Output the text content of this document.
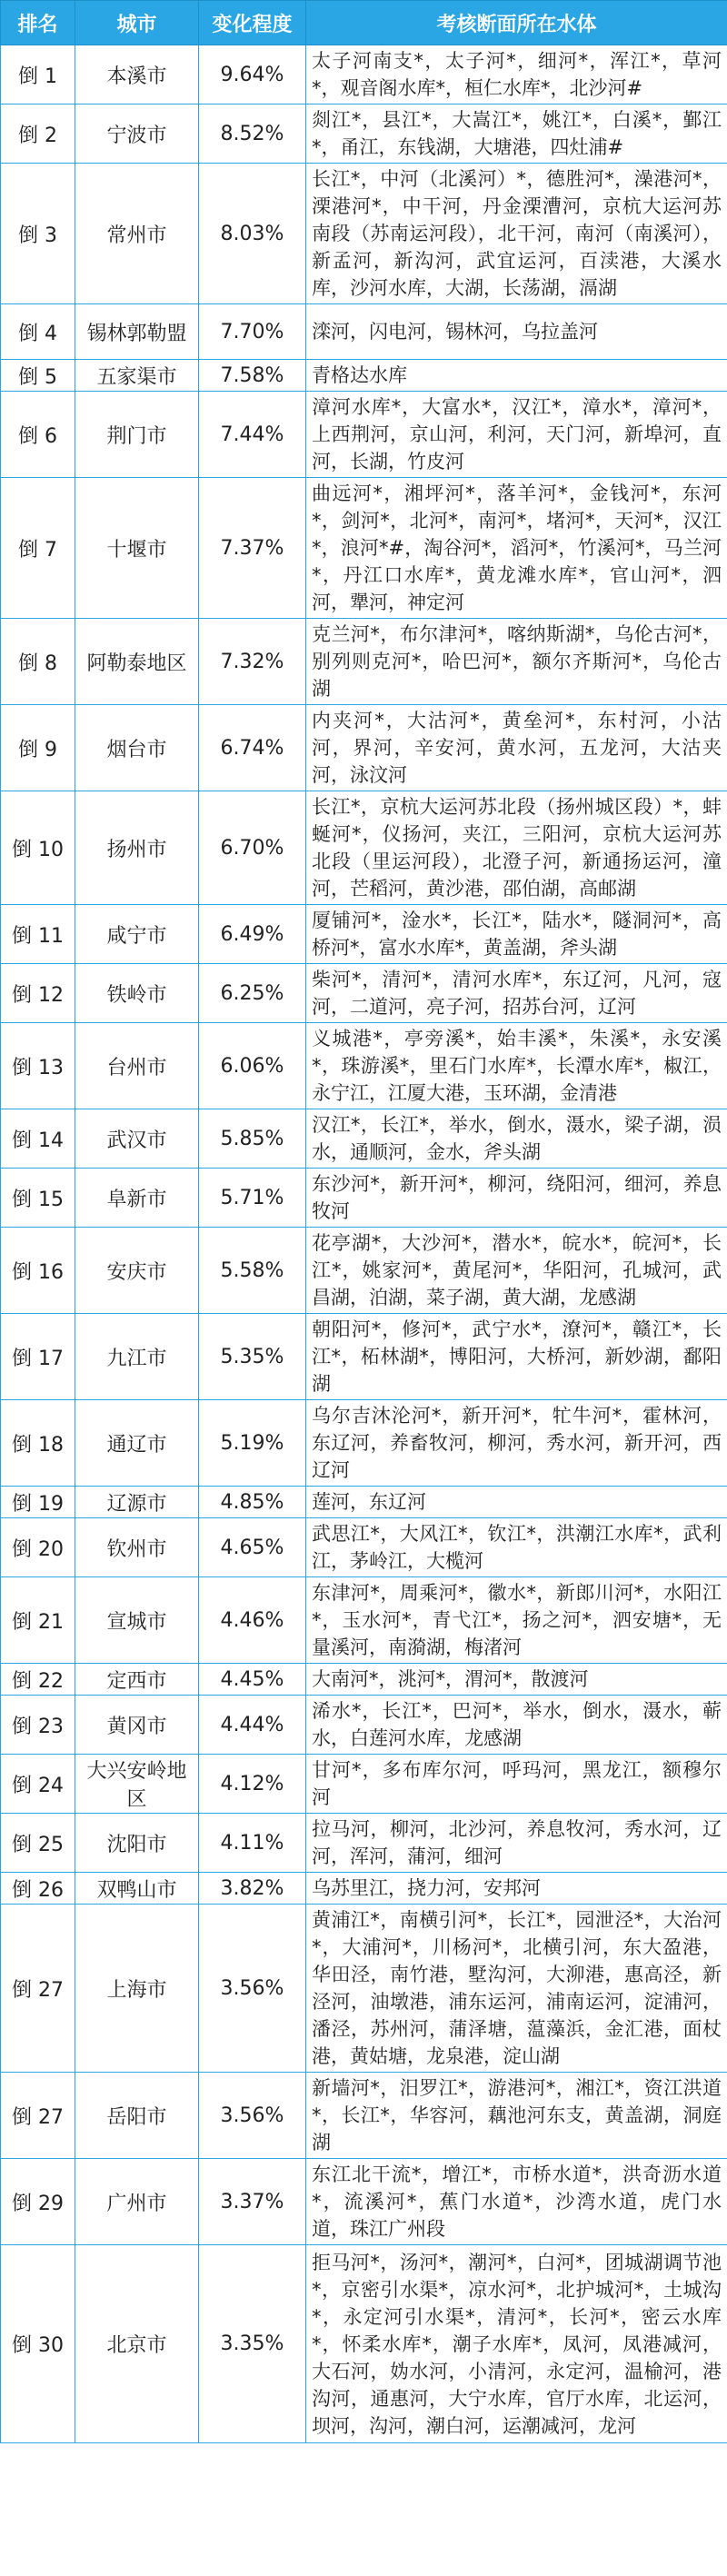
排名	城市	变化程度	考核断面所在水体
倒 1	本溪市	9.64%	太子河南支*，太子河*，细河*，浑江*，草河*，观音阁水库*，桓仁水库*，北沙河#
倒 2	宁波市	8.52%	剡江*，县江*，大嵩江*，姚江*，白溪*，鄞江*，甬江，东钱湖，大塘港，四灶浦#
倒 3	常州市	8.03%	长江*，中河（北溪河）*，德胜河*，澡港河*，溧港河*，中干河，丹金溧漕河，京杭大运河苏南段（苏南运河段），北干河，南河（南溪河），新孟河，新沟河，武宜运河，百渎港，大溪水库，沙河水库，大湖，长荡湖，滆湖
倒 4	锡林郭勒盟	7.70%	滦河，闪电河，锡林河，乌拉盖河
倒 5	五家渠市	7.58%	青格达水库
倒 6	荆门市	7.44%	漳河水库*，大富水*，汉江*，漳水*，漳河*，上西荆河，京山河，利河，天门河，新埠河，直河，长湖，竹皮河
倒 7	十堰市	7.37%	曲远河*，湘坪河*，落羊河*，金钱河*，东河*，剑河*，北河*，南河*，堵河*，天河*，汉江*，浪河*#，淘谷河*，滔河*，竹溪河*，马兰河*，丹江口水库*，黄龙滩水库*，官山河*，泗河，犟河，神定河
倒 8	阿勒泰地区	7.32%	克兰河*，布尔津河*，喀纳斯湖*，乌伦古河*，别列则克河*，哈巴河*，额尔齐斯河*，乌伦古湖
倒 9	烟台市	6.74%	内夹河*，大沽河*，黄垒河*，东村河，小沽河，界河，辛安河，黄水河，五龙河，大沽夹河，泳汶河
倒 10	扬州市	6.70%	长江*，京杭大运河苏北段（扬州城区段）*，蚌蜒河*，仪扬河，夹江，三阳河，京杭大运河苏北段（里运河段），北澄子河，新通扬运河，潼河，芒稻河，黄沙港，邵伯湖，高邮湖
倒 11	咸宁市	6.49%	厦铺河*，淦水*，长江*，陆水*，隧洞河*，高桥河*，富水水库*，黄盖湖，斧头湖
倒 12	铁岭市	6.25%	柴河*，清河*，清河水库*，东辽河，凡河，寇河，二道河，亮子河，招苏台河，辽河
倒 13	台州市	6.06%	义城港*，亭旁溪*，始丰溪*，朱溪*，永安溪*，珠游溪*，里石门水库*，长潭水库*，椒江，永宁江，江厦大港，玉环湖，金清港
倒 14	武汉市	5.85%	汉江*，长江*，举水，倒水，滠水，梁子湖，涢水，通顺河，金水，斧头湖
倒 15	阜新市	5.71%	东沙河*，新开河*，柳河，绕阳河，细河，养息牧河
倒 16	安庆市	5.58%	花亭湖*，大沙河*，潜水*，皖水*，皖河*，长江*，姚家河*，黄尾河*，华阳河，孔城河，武昌湖，泊湖，菜子湖，黄大湖，龙感湖
倒 17	九江市	5.35%	朝阳河*，修河*，武宁水*，潦河*，赣江*，长江*，柘林湖*，博阳河，大桥河，新妙湖，鄱阳湖
倒 18	通辽市	5.19%	乌尔吉沐沦河*，新开河*，牤牛河*，霍林河，东辽河，养畜牧河，柳河，秀水河，新开河，西辽河
倒 19	辽源市	4.85%	莲河，东辽河
倒 20	钦州市	4.65%	武思江*，大风江*，钦江*，洪潮江水库*，武利江，茅岭江，大榄河
倒 21	宣城市	4.46%	东津河*，周乘河*，徽水*，新郎川河*，水阳江*，玉水河*，青弋江*，扬之河*，泗安塘*，无量溪河，南漪湖，梅渚河
倒 22	定西市	4.45%	大南河*，洮河*，渭河*，散渡河
倒 23	黄冈市	4.44%	浠水*，长江*，巴河*，举水，倒水，滠水，蕲水，白莲河水库，龙感湖
倒 24	大兴安岭地区	4.12%	甘河*，多布库尔河，呼玛河，黑龙江，额穆尔河
倒 25	沈阳市	4.11%	拉马河，柳河，北沙河，养息牧河，秀水河，辽河，浑河，蒲河，细河
倒 26	双鸭山市	3.82%	乌苏里江，挠力河，安邦河
倒 27	上海市	3.56%	黄浦江*，南横引河*，长江*，园泄泾*，大治河*，大浦河*，川杨河*，北横引河，东大盈港，华田泾，南竹港，墅沟河，大泖港，惠高泾，新泾河，油墩港，浦东运河，浦南运河，淀浦河，潘泾，苏州河，蒲泽塘，蕰藻浜，金汇港，面杖港，黄姑塘，龙泉港，淀山湖
倒 27	岳阳市	3.56%	新墙河*，汨罗江*，游港河*，湘江*，资江洪道*，长江*，华容河，藕池河东支，黄盖湖，洞庭湖
倒 29	广州市	3.37%	东江北干流*，增江*，市桥水道*，洪奇沥水道*，流溪河*，蕉门水道*，沙湾水道，虎门水道，珠江广州段
倒 30	北京市	3.35%	拒马河*，汤河*，潮河*，白河*，团城湖调节池*，京密引水渠*，凉水河*，北护城河*，土城沟*，永定河引水渠*，清河*，长河*，密云水库*，怀柔水库*，潮子水库*，凤河，凤港减河，大石河，妫水河，小清河，永定河，温榆河，港沟河，通惠河，大宁水库，官厅水库，北运河，坝河，沟河，潮白河，运潮减河，龙河
